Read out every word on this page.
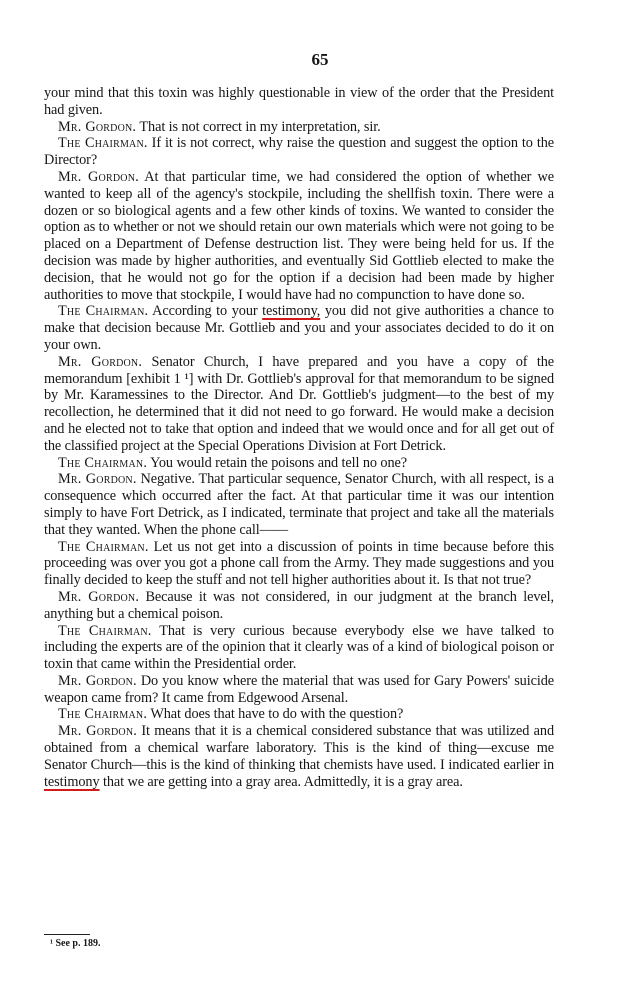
65

your mind that this toxin was highly questionable in view of the order that the President had given.

Mr. Gordon. That is not correct in my interpretation, sir.

The Chairman. If it is not correct, why raise the question and suggest the option to the Director?

Mr. Gordon. At that particular time, we had considered the option of whether we wanted to keep all of the agency's stockpile, including the shellfish toxin. There were a dozen or so biological agents and a few other kinds of toxins. We wanted to consider the option as to whether or not we should retain our own materials which were not going to be placed on a Department of Defense destruction list. They were being held for us. If the decision was made by higher authorities, and eventually Sid Gottlieb elected to make the decision, that he would not go for the option if a decision had been made by higher authorities to move that stockpile, I would have had no compunction to have done so.

The Chairman. According to your testimony, you did not give authorities a chance to make that decision because Mr. Gottlieb and you and your associates decided to do it on your own.

Mr. Gordon. Senator Church, I have prepared and you have a copy of the memorandum [exhibit 1 ¹] with Dr. Gottlieb's approval for that memorandum to be signed by Mr. Karamessines to the Director. And Dr. Gottlieb's judgment—to the best of my recollection, he determined that it did not need to go forward. He would make a decision and he elected not to take that option and indeed that we would once and for all get out of the classified project at the Special Operations Division at Fort Detrick.

The Chairman. You would retain the poisons and tell no one?

Mr. Gordon. Negative. That particular sequence, Senator Church, with all respect, is a consequence which occurred after the fact. At that particular time it was our intention simply to have Fort Detrick, as I indicated, terminate that project and take all the materials that they wanted. When the phone call——

The Chairman. Let us not get into a discussion of points in time because before this proceeding was over you got a phone call from the Army. They made suggestions and you finally decided to keep the stuff and not tell higher authorities about it. Is that not true?

Mr. Gordon. Because it was not considered, in our judgment at the branch level, anything but a chemical poison.

The Chairman. That is very curious because everybody else we have talked to including the experts are of the opinion that it clearly was of a kind of biological poison or toxin that came within the Presidential order.

Mr. Gordon. Do you know where the material that was used for Gary Powers' suicide weapon came from? It came from Edgewood Arsenal.

The Chairman. What does that have to do with the question?

Mr. Gordon. It means that it is a chemical considered substance that was utilized and obtained from a chemical warfare laboratory. This is the kind of thing—excuse me Senator Church—this is the kind of thinking that chemists have used. I indicated earlier in testimony that we are getting into a gray area. Admittedly, it is a gray area.

¹ See p. 189.
